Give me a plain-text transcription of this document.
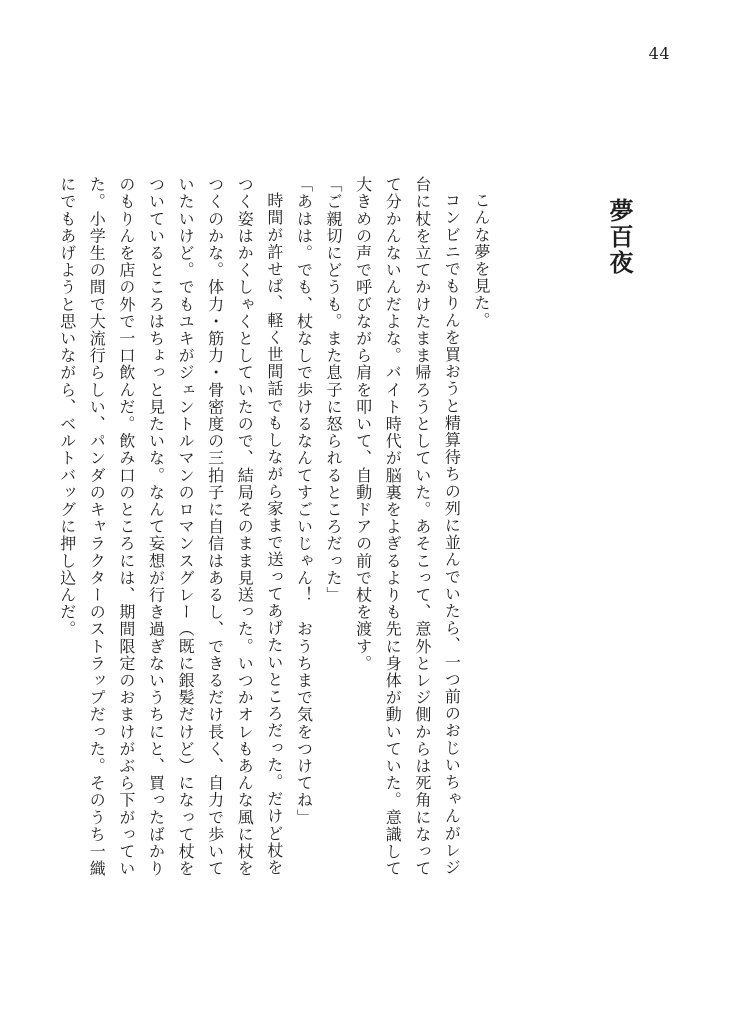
44
夢百夜

こんな夢を見た。

コンビニでもりんを買おうと精算待ちの列に並んでいたら、一つ前のおじいちゃんがレジ台に杖を立てかけたまま帰ろうとしていた。あそこって、意外とレジ側からは死角になってて分かんないんだよな。バイト時代が脳裏をよぎるよりも先に身体が動いていた。意識して大きめの声で呼びながら肩を叩いて、自動ドアの前で杖を渡す。

「ご親切にどうも。また息子に怒られるところだった」

「あはは。でも、杖なしで歩けるなんてすごいじゃん！　おうちまで気をつけてね」

時間が許せば、軽く世間話でもしながら家まで送ってあげたいところだった。だけど杖をつく姿はかくしゃくとしていたので、結局そのまま見送った。いつかオレもあんな風に杖をつくのかな。体力・筋力・骨密度の三拍子に自信はあるし、できるだけ長く、自力で歩いていたいけど。でもユキがジェントルマンのロマンスグレー（既に銀髪だけど）になって杖をついているところはちょっと見たいな。なんて妄想が行き過ぎないうちにと、買ったばかりのもりんを店の外で一口飲んだ。飲み口のところには、期間限定のおまけがぶら下がっていた。小学生の間で大流行らしい、パンダのキャラクターのストラップだった。そのうち一織にでもあげようと思いながら、ベルトバッグに押し込んだ。
